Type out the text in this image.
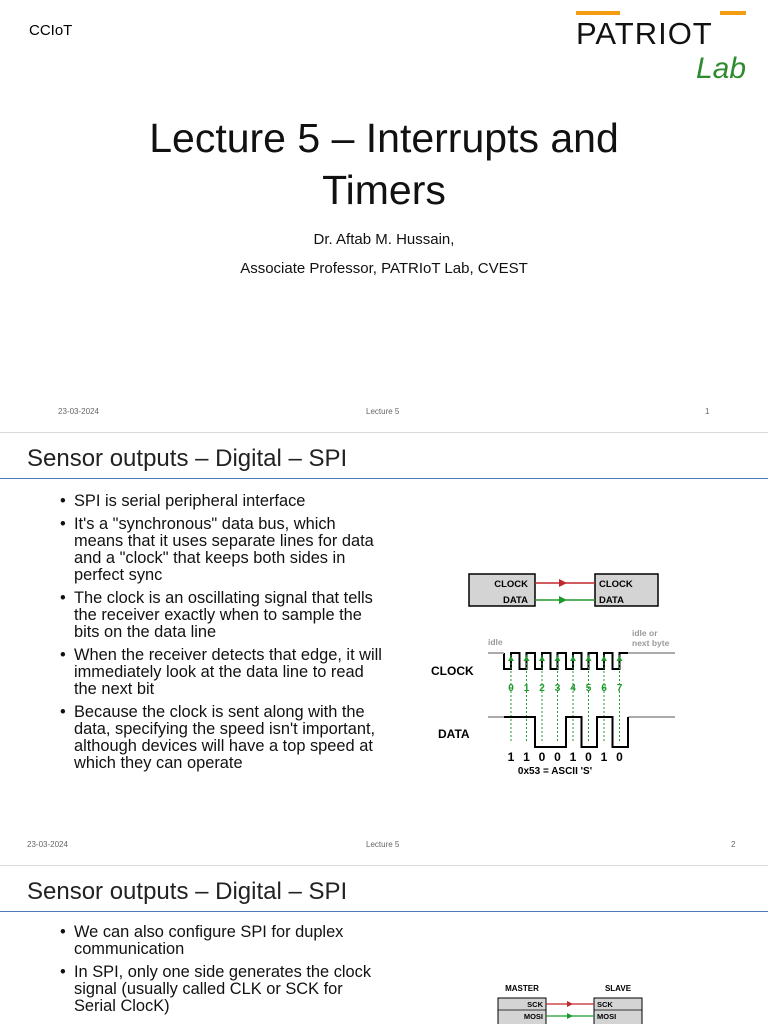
CCIoT	PATRIOT
Lab
Lecture 5 – Interrupts and
Timers
Dr. Aftab M. Hussain,
Associate Professor, PATRIoT Lab, CVEST
23-03-2024	Lecture 5	1
Sensor outputs – Digital – SPI
• SPI is serial peripheral interface
• It's a "synchronous" data bus, which means that it uses separate lines for data and a "clock" that keeps both sides in perfect sync
• The clock is an oscillating signal that tells the receiver exactly when to sample the bits on the data line
• When the receiver detects that edge, it will immediately look at the data line to read the next bit
• Because the clock is sent along with the data, specifying the speed isn't important, although devices will have a top speed at which they can operate
CLOCK
DATA
CLOCK
DATA
idle
idle or
next byte
CLOCK
DATA
0 1 2 3 4 5 6 7
1 1 0 0 1 0 1 0
0x53 = ASCII 'S'
23-03-2024	Lecture 5	2
Sensor outputs – Digital – SPI
• We can also configure SPI for duplex communication
• In SPI, only one side generates the clock signal (usually called CLK or SCK for Serial ClocK)
MASTER	SLAVE
SCK
MOSI
SCK
MOSI
